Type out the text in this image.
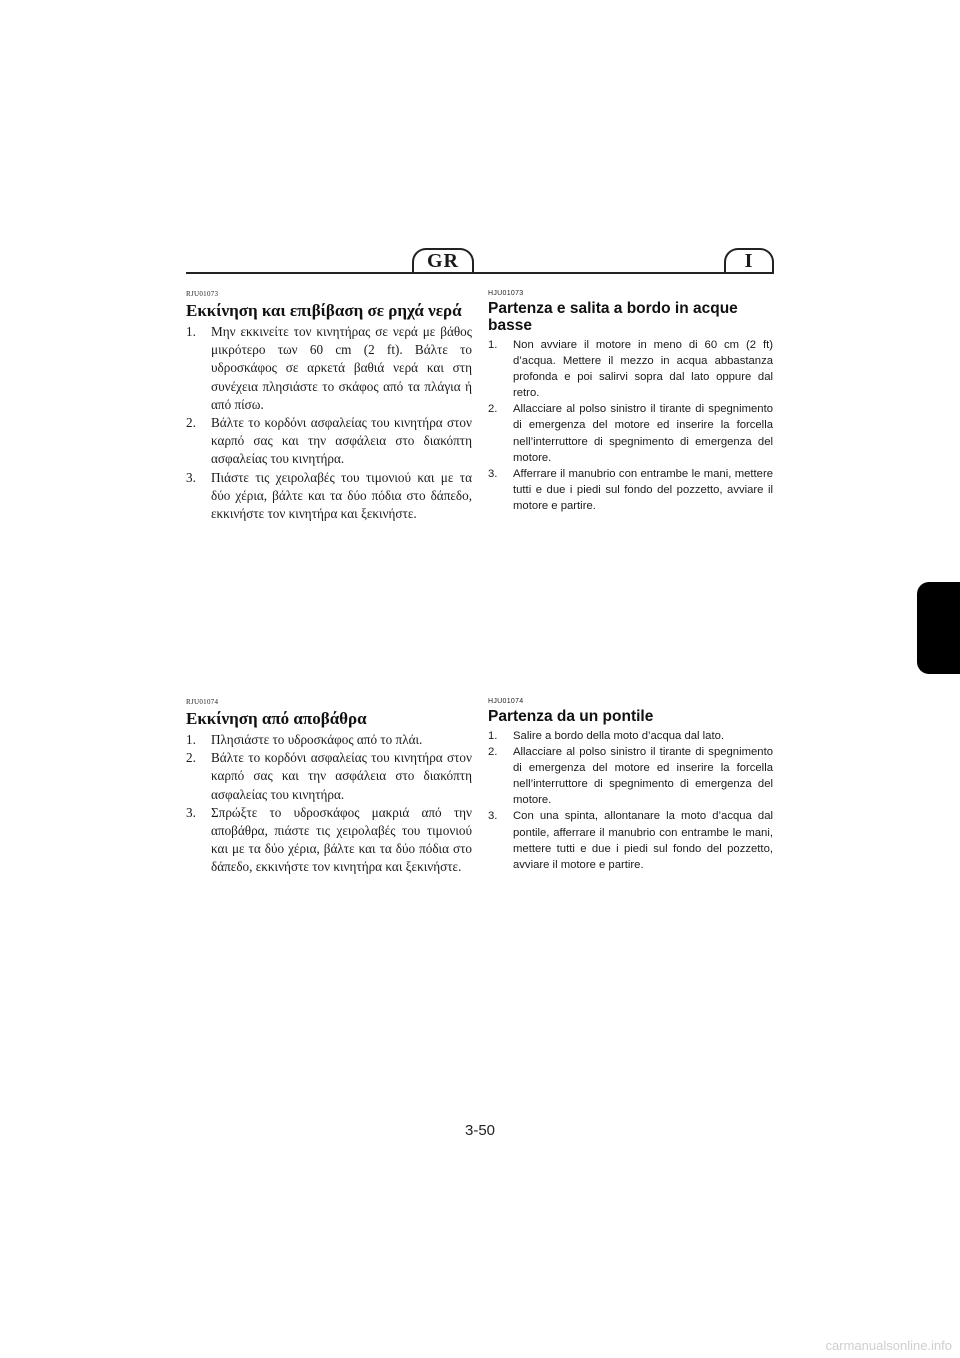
GR	I
RJU01073
Εκκίνηση και επιβίβαση σε ρηχά νερά
1. Μην εκκινείτε τον κινητήρας σε νερά με βάθος μικρότερο των 60 cm (2 ft). Βάλτε το υδροσκάφος σε αρκετά βαθιά νερά και στη συνέχεια πλησιάστε το σκάφος από τα πλάγια ή από πίσω.
2. Βάλτε το κορδόνι ασφαλείας του κινητήρα στον καρπό σας και την ασφάλεια στο διακόπτη ασφαλείας του κινητήρα.
3. Πιάστε τις χειρολαβές του τιμονιού και με τα δύο χέρια, βάλτε και τα δύο πόδια στο δάπεδο, εκκινήστε τον κινητήρα και ξεκινήστε.
HJU01073
Partenza e salita a bordo in acque basse
1. Non avviare il motore in meno di 60 cm (2 ft) d’acqua. Mettere il mezzo in acqua abbastanza profonda e poi salirvi sopra dal lato oppure dal retro.
2. Allacciare al polso sinistro il tirante di spegnimento di emergenza del motore ed inserire la forcella nell’interruttore di spegnimento di emergenza del motore.
3. Afferrare il manubrio con entrambe le mani, mettere tutti e due i piedi sul fondo del pozzetto, avviare il motore e partire.
RJU01074
Εκκίνηση από αποβάθρα
1. Πλησιάστε το υδροσκάφος από το πλάι.
2. Βάλτε το κορδόνι ασφαλείας του κινητήρα στον καρπό σας και την ασφάλεια στο διακόπτη ασφαλείας του κινητήρα.
3. Σπρώξτε το υδροσκάφος μακριά από την αποβάθρα, πιάστε τις χειρολαβές του τιμονιού και με τα δύο χέρια, βάλτε και τα δύο πόδια στο δάπεδο, εκκινήστε τον κινητήρα και ξεκινήστε.
HJU01074
Partenza da un pontile
1. Salire a bordo della moto d’acqua dal lato.
2. Allacciare al polso sinistro il tirante di spegnimento di emergenza del motore ed inserire la forcella nell’interruttore di spegnimento di emergenza del motore.
3. Con una spinta, allontanare la moto d’acqua dal pontile, afferrare il manubrio con entrambe le mani, mettere tutti e due i piedi sul fondo del pozzetto, avviare il motore e partire.
3-50
carmanualsonline.info
